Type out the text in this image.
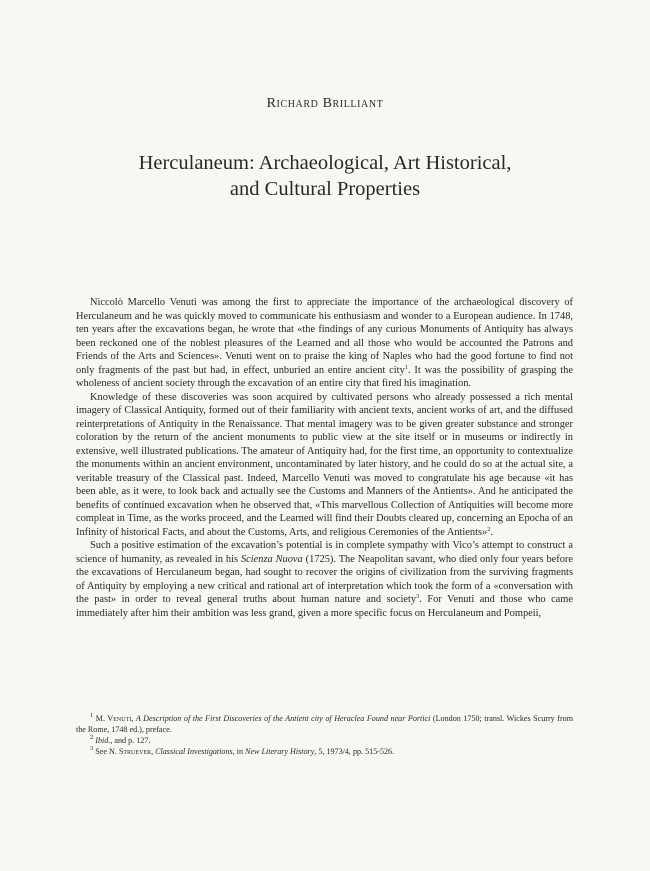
Richard Brilliant
Herculaneum: Archaeological, Art Historical,
and Cultural Properties

Niccolò Marcello Venuti was among the first to appreciate the importance of the archaeological discovery of Herculaneum and he was quickly moved to communicate his enthusiasm and wonder to a European audience. In 1748, ten years after the excavations began, he wrote that «the findings of any curious Monuments of Antiquity has always been reckoned one of the noblest pleasures of the Learned and all those who would be accounted the Patrons and Friends of the Arts and Sciences». Venuti went on to praise the king of Naples who had the good fortune to find not only fragments of the past but had, in effect, unburied an entire ancient city$^1$. It was the possibility of grasping the wholeness of ancient society through the excavation of an entire city that fired his imagination.

Knowledge of these discoveries was soon acquired by cultivated persons who already possessed a rich mental imagery of Classical Antiquity, formed out of their familiarity with ancient texts, ancient works of art, and the diffused reinterpretations of Antiquity in the Renaissance. That mental imagery was to be given greater substance and stronger coloration by the return of the ancient monuments to public view at the site itself or in museums or indirectly in extensive, well illustrated publications. The amateur of Antiquity had, for the first time, an opportunity to contextualize the monuments within an ancient environment, uncontaminated by later history, and he could do so at the actual site, a veritable treasury of the Classical past. Indeed, Marcello Venuti was moved to congratulate his age because «it has been able, as it were, to look back and actually see the Customs and Manners of the Antients». And he anticipated the benefits of continued excavation when he observed that, «This marvellous Collection of Antiquities will become more compleat in Time, as the works proceed, and the Learned will find their Doubts cleared up, concerning an Epocha of an Infinity of historical Facts, and about the Customs, Arts, and religious Ceremonies of the Antients»$^2$.

Such a positive estimation of the excavation’s potential is in complete sympathy with Vico’s attempt to construct a science of humanity, as revealed in his Scienza Nuova (1725). The Neapolitan savant, who died only four years before the excavations of Herculaneum began, had sought to recover the origins of civilization from the surviving fragments of Antiquity by employing a new critical and rational art of interpretation which took the form of a «conversation with the past» in order to reveal general truths about human nature and society$^3$. For Venuti and those who came immediately after him their ambition was less grand, given a more specific focus on Herculaneum and Pompeii,

$^1$ M. Venuti, A Description of the First Discoveries of the Antient city of Heraclea Found near Portici (London 1750; transl. Wickes Scurry from the Rome, 1748 ed.), preface.

$^2$ Ibid., and p. 127.

$^3$ See N. Struever, Classical Investigations, in New Literary History, 5, 1973/4, pp. 515-526.
